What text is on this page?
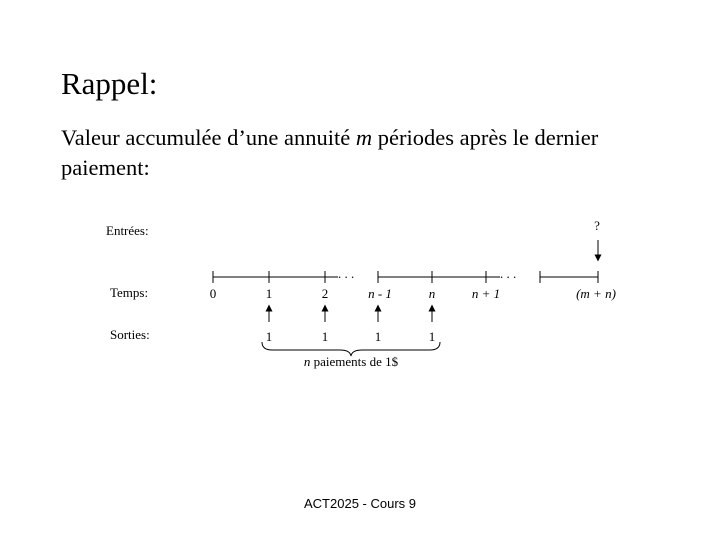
Rappel:
Valeur accumulée d’une annuité m périodes après le dernier paiement:
Entrées:
Temps:
Sorties:
. . .	. . .
0	1	2	n - 1	n	n + 1	(m + n)
?
1	1	1	1
n paiements de 1$
ACT2025 - Cours 9
